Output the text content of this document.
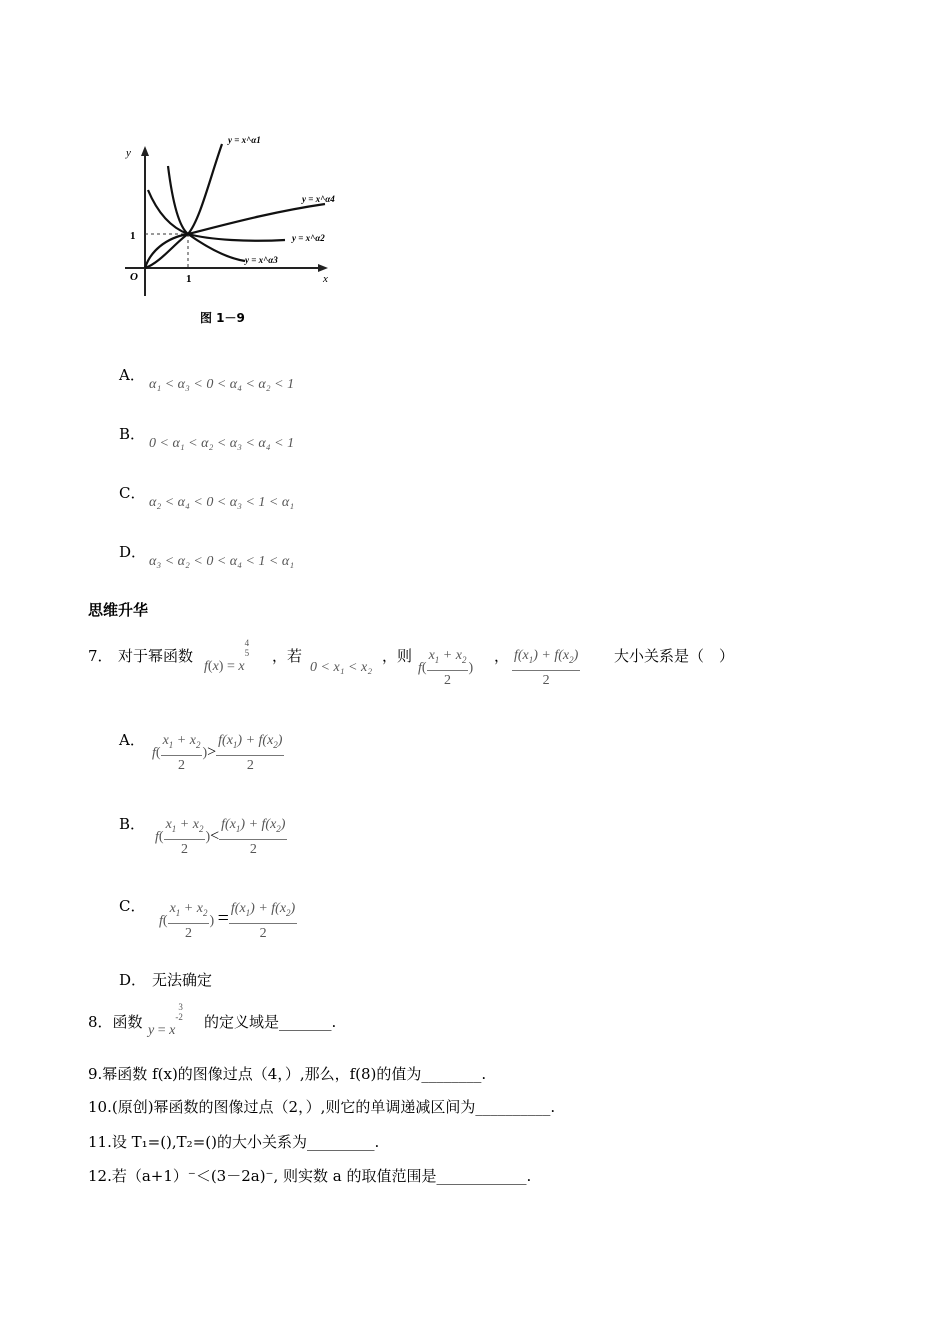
y
x
O	1
1
y = x^α1
y = x^α4
y = x^α2
y = x^α3
图 1－9
A．
α₁ < α₃ < 0 < α₄ < α₂ < 1
B．
0 < α₁ < α₂ < α₃ < α₄ < 1
C．
α₂ < α₄ < 0 < α₃ < 1 < α₁
D．
α₃ < α₂ < 0 < α₄ < 1 < α₁
思维升华
7． 对于幂函数
f(x) = x4
5 ，若
0 < x₁ < x₂
，则
$f( \frac{x_1 + x_2}{2}$ )
， $\frac{f(x_1) + f(x_2)}{2}$ 大小关系是（　）
A．
$f( \frac{x_1 + x_2}{2}$ )> $\frac{f(x_1) + f(x_2)}{2}$
B．
$f( \frac{x_1 + x_2}{2}$ )< $\frac{f(x_1) + f(x_2)}{2}$
C．
$f( \frac{x_1 + x_2}{2}$ ) = $\frac{f(x_1) + f(x_2)}{2}$
D． 无法确定
8．函数 y = x-3
2 的定义域是_______.
9.幂函数 f(x)的图像过点（4，）,那么，f(8)的值为________.
10.(原创)幂函数的图像过点（2，）,则它的单调递减区间为__________.
11.设 T₁=(),T₂=()的大小关系为_________.
12.若（a+1）⁻＜(3－2a)⁻, 则实数 a 的取值范围是____________.
